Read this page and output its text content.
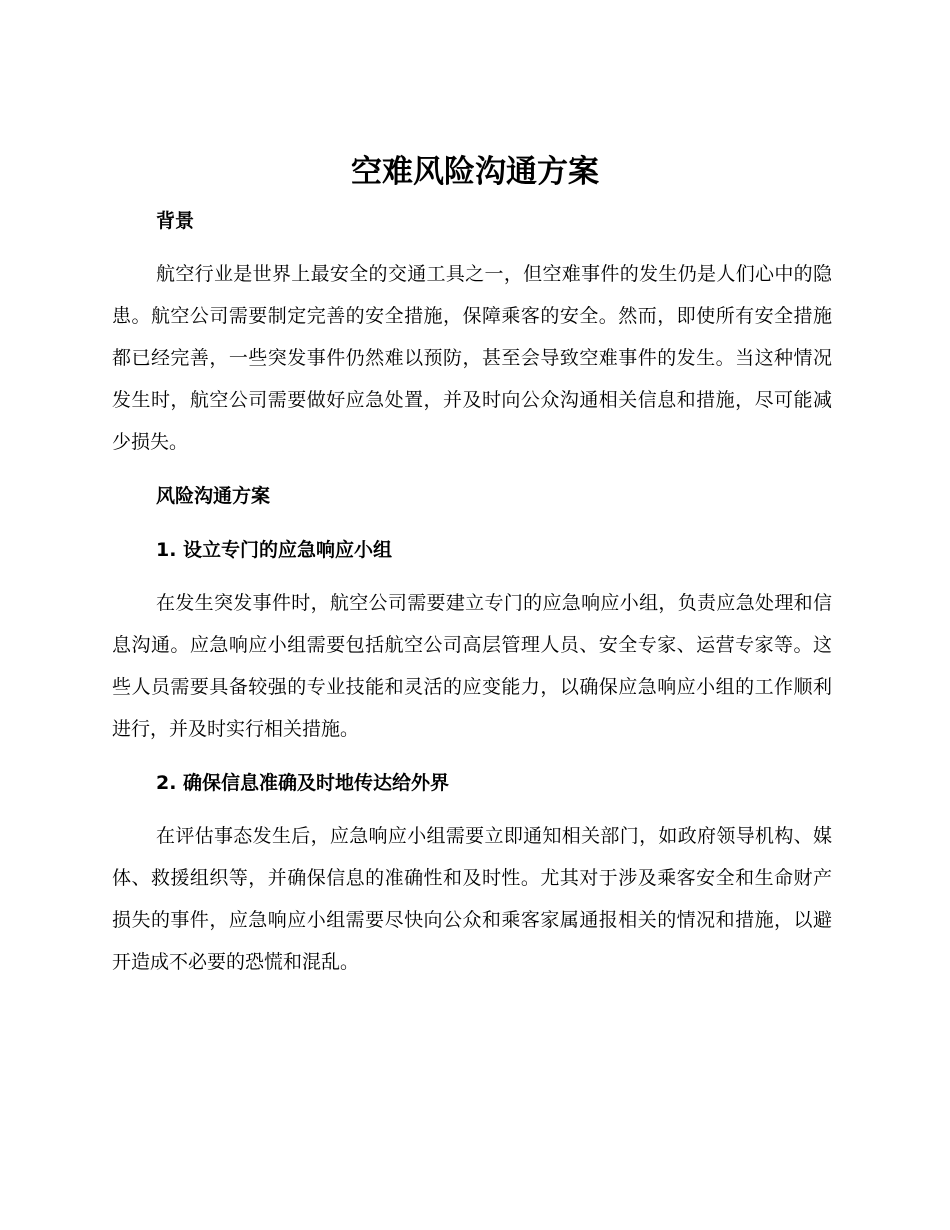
空难风险沟通方案
背景

航空行业是世界上最安全的交通工具之一，但空难事件的发生仍是人们心中的隐患。航空公司需要制定完善的安全措施，保障乘客的安全。然而，即使所有安全措施都已经完善，一些突发事件仍然难以预防，甚至会导致空难事件的发生。当这种情况发生时，航空公司需要做好应急处置，并及时向公众沟通相关信息和措施，尽可能减少损失。

风险沟通方案
1. 设立专门的应急响应小组

在发生突发事件时，航空公司需要建立专门的应急响应小组，负责应急处理和信息沟通。应急响应小组需要包括航空公司高层管理人员、安全专家、运营专家等。这些人员需要具备较强的专业技能和灵活的应变能力，以确保应急响应小组的工作顺利进行，并及时实行相关措施。

2. 确保信息准确及时地传达给外界

在评估事态发生后，应急响应小组需要立即通知相关部门，如政府领导机构、媒体、救援组织等，并确保信息的准确性和及时性。尤其对于涉及乘客安全和生命财产损失的事件，应急响应小组需要尽快向公众和乘客家属通报相关的情况和措施，以避开造成不必要的恐慌和混乱。
